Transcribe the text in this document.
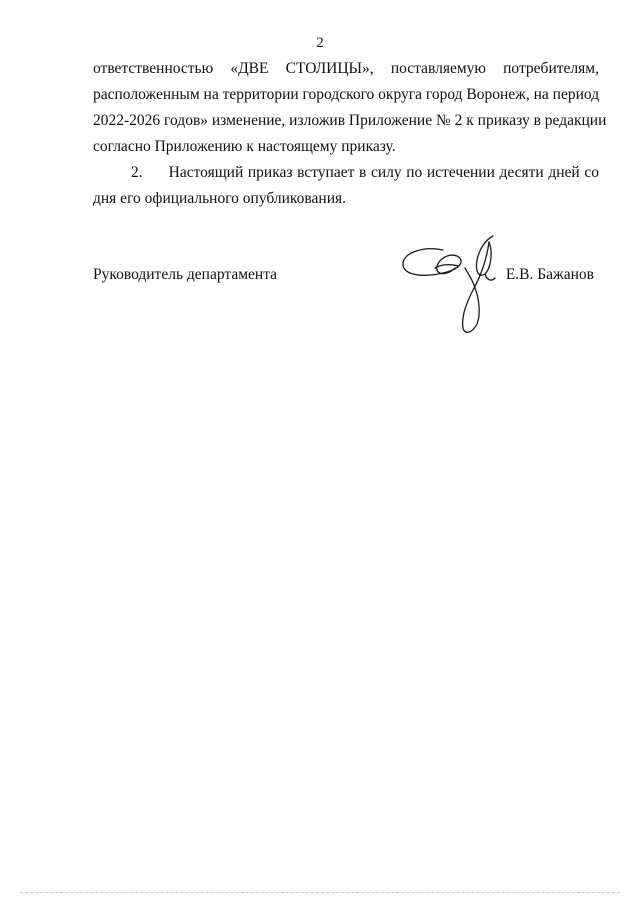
2
ответственностью «ДВЕ СТОЛИЦЫ», поставляемую потребителям,
расположенным на территории городского округа город Воронеж, на период
2022-2026 годов» изменение, изложив Приложение № 2 к приказу в редакции
согласно Приложению к настоящему приказу.
2. Настоящий приказ вступает в силу по истечении десяти дней со
дня его официального опубликования.
Руководитель департамента	Е.В. Бажанов
